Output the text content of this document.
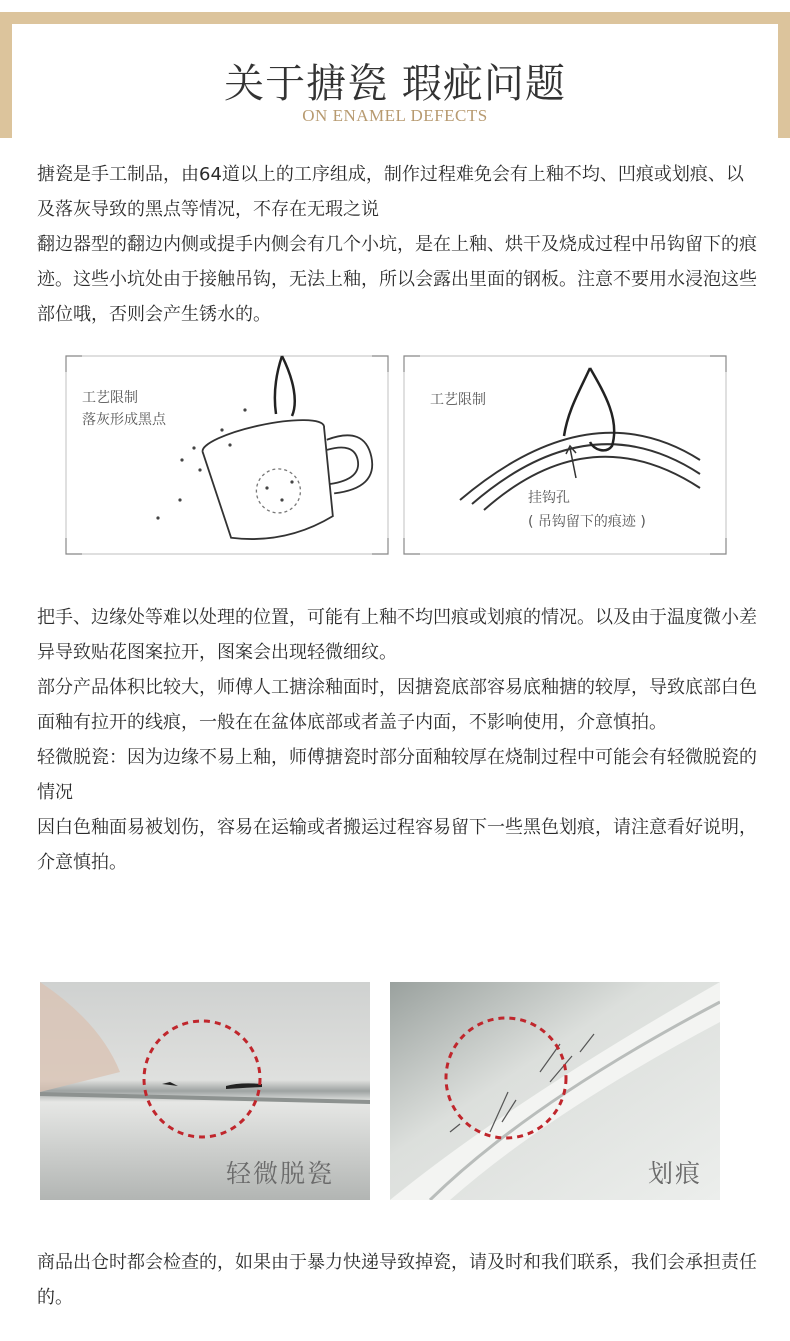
关于搪瓷 瑕疵问题
ON ENAMEL DEFECTS

搪瓷是手工制品，由64道以上的工序组成，制作过程难免会有上釉不均、凹痕或划痕、以及落灰导致的黑点等情况，不存在无瑕之说

翻边器型的翻边内侧或提手内侧会有几个小坑，是在上釉、烘干及烧成过程中吊钩留下的痕迹。这些小坑处由于接触吊钩，无法上釉，所以会露出里面的钢板。注意不要用水浸泡这些部位哦，否则会产生锈水的。

工艺限制
落灰形成黑点
工艺限制
挂钩孔
( 吊钩留下的痕迹 )

把手、边缘处等难以处理的位置，可能有上釉不均凹痕或划痕的情况。以及由于温度微小差异导致贴花图案拉开，图案会出现轻微细纹。

部分产品体积比较大，师傅人工搪涂釉面时，因搪瓷底部容易底釉搪的较厚，导致底部白色面釉有拉开的线痕，一般在在盆体底部或者盖子内面，不影响使用，介意慎拍。

轻微脱瓷：因为边缘不易上釉，师傅搪瓷时部分面釉较厚在烧制过程中可能会有轻微脱瓷的情况

因白色釉面易被划伤，容易在运输或者搬运过程容易留下一些黑色划痕，请注意看好说明，介意慎拍。

轻微脱瓷	划痕

商品出仓时都会检查的，如果由于暴力快递导致掉瓷，请及时和我们联系，我们会承担责任的。
